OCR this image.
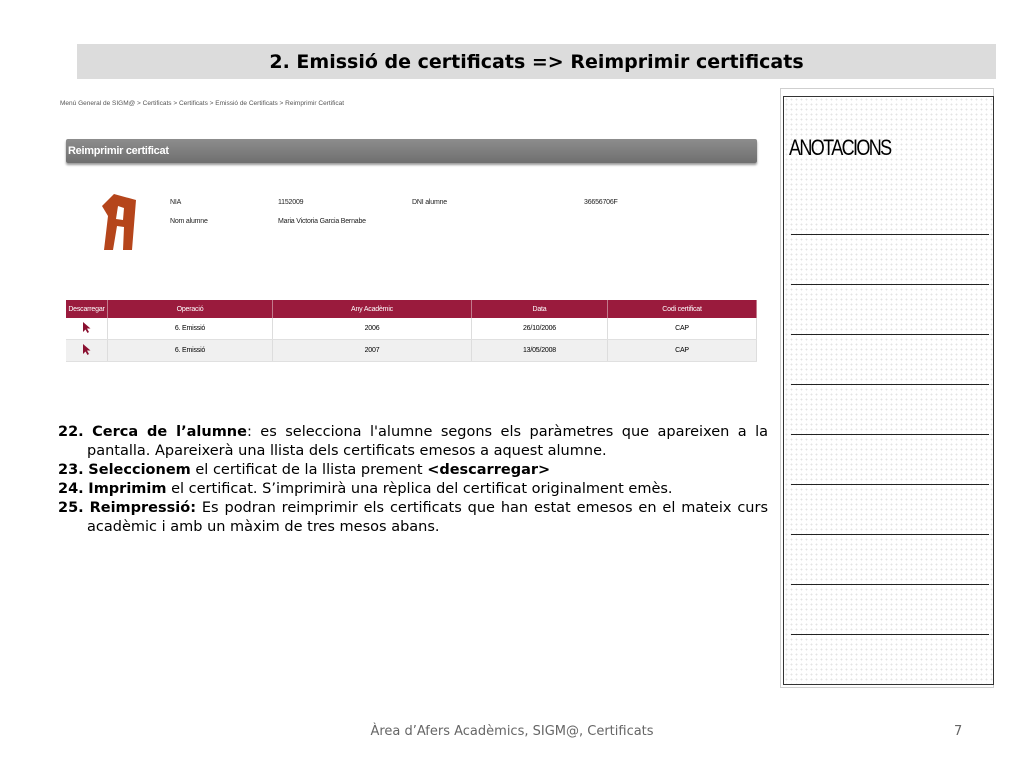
2. Emissió de certificats => Reimprimir certificats
Menú General de SIGM@ > Certificats > Certificats > Emissió de Certificats > Reimprimir Certificat
Reimprimir certificat
NIA	1152009	DNI alumne	36656706F
Nom alumne	Maria Victoria Garcia Bernabe
Descarregar	Operació	Any Acadèmic	Data	Codi certificat
	6. Emissió	2006	26/10/2006	CAP
	6. Emissió	2007	13/05/2008	CAP
22. Cerca de l’alumne: es selecciona l'alumne segons els paràmetres que apareixen a la pantalla. Apareixerà una llista dels certificats emesos a aquest alumne.
23. Seleccionem el certificat de la llista prement <descarregar>
24. Imprimim el certificat. S’imprimirà una rèplica del certificat originalment emès.
25. Reimpressió: Es podran reimprimir els certificats que han estat emesos en el mateix curs acadèmic i amb un màxim de tres mesos abans.
ANOTACIONS
Àrea d’Afers Acadèmics, SIGM@, Certificats	7
